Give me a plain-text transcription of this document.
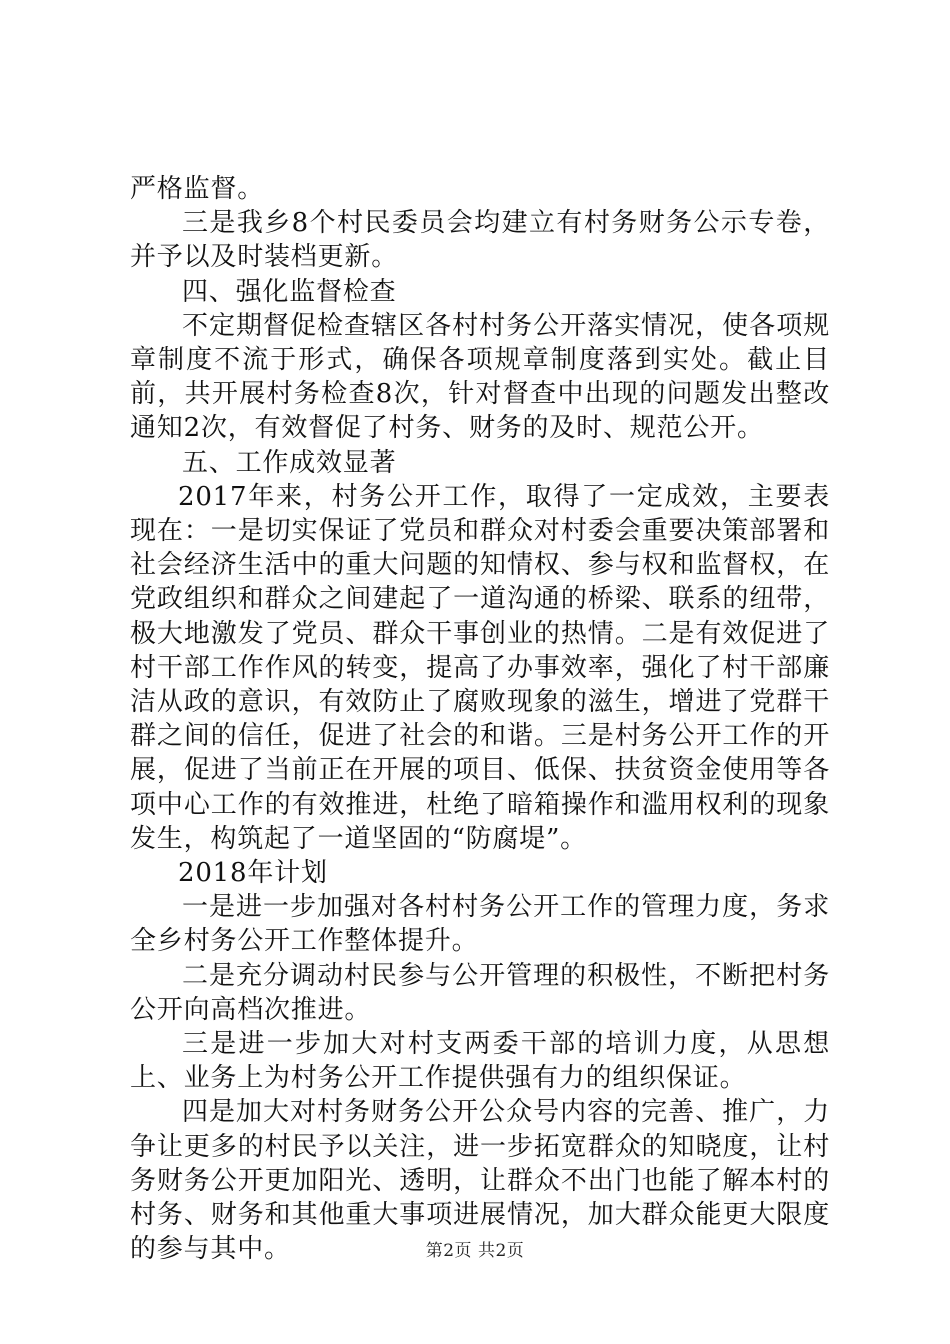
严格监督。

三是我乡8个村民委员会均建立有村务财务公示专卷，并予以及时装档更新。

四、强化监督检查

不定期督促检查辖区各村村务公开落实情况，使各项规章制度不流于形式，确保各项规章制度落到实处。截止目前，共开展村务检查8次，针对督查中出现的问题发出整改通知2次，有效督促了村务、财务的及时、规范公开。

五、工作成效显著

2017年来，村务公开工作，取得了一定成效，主要表现在：一是切实保证了党员和群众对村委会重要决策部署和社会经济生活中的重大问题的知情权、参与权和监督权，在党政组织和群众之间建起了一道沟通的桥梁、联系的纽带，极大地激发了党员、群众干事创业的热情。二是有效促进了村干部工作作风的转变，提高了办事效率，强化了村干部廉洁从政的意识，有效防止了腐败现象的滋生，增进了党群干群之间的信任，促进了社会的和谐。三是村务公开工作的开展，促进了当前正在开展的项目、低保、扶贫资金使用等各项中心工作的有效推进，杜绝了暗箱操作和滥用权利的现象发生，构筑起了一道坚固的“防腐堤”。

2018年计划

一是进一步加强对各村村务公开工作的管理力度，务求全乡村务公开工作整体提升。

二是充分调动村民参与公开管理的积极性，不断把村务公开向高档次推进。

三是进一步加大对村支两委干部的培训力度，从思想上、业务上为村务公开工作提供强有力的组织保证。

四是加大对村务财务公开公众号内容的完善、推广，力争让更多的村民予以关注，进一步拓宽群众的知晓度，让村务财务公开更加阳光、透明，让群众不出门也能了解本村的村务、财务和其他重大事项进展情况，加大群众能更大限度的参与其中。	第2页 共2页
